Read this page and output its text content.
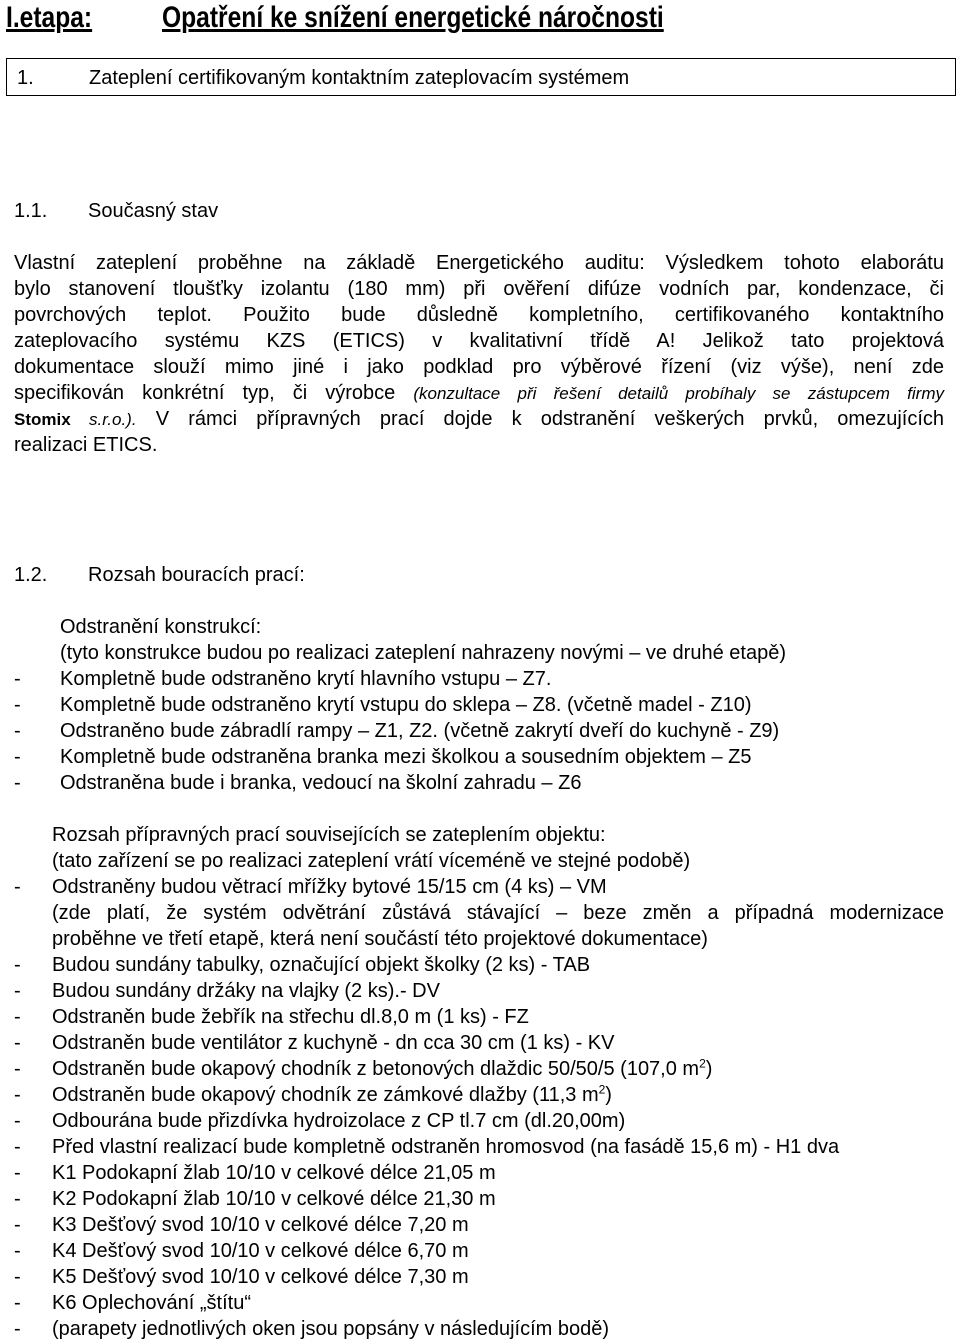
I.etapa: Opatření ke snížení energetické náročnosti
1.	Zateplení certifikovaným kontaktním zateplovacím systémem
1.1. Současný stav
Vlastní zateplení proběhne na základě Energetického auditu: Výsledkem tohoto elaborátu
bylo stanovení tloušťky izolantu (180 mm) při ověření difúze vodních par, kondenzace, či
povrchových teplot. Použito bude důsledně kompletního, certifikovaného kontaktního
zateplovacího systému KZS (ETICS) v kvalitativní třídě A! Jelikož tato projektová
dokumentace slouží mimo jiné i jako podklad pro výběrové řízení (viz výše), není zde
specifikován konkrétní typ, či výrobce (konzultace při řešení detailů probíhaly se zástupcem firmy
Stomix s.r.o.). V rámci přípravných prací dojde k odstranění veškerých prvků, omezujících
realizaci ETICS.
1.2. Rozsah bouracích prací:
Odstranění konstrukcí:
(tyto konstrukce budou po realizaci zateplení nahrazeny novými – ve druhé etapě)
- Kompletně bude odstraněno krytí hlavního vstupu – Z7.
- Kompletně bude odstraněno krytí vstupu do sklepa – Z8. (včetně madel - Z10)
- Odstraněno bude zábradlí rampy – Z1, Z2. (včetně zakrytí dveří do kuchyně - Z9)
- Kompletně bude odstraněna branka mezi školkou a sousedním objektem – Z5
- Odstraněna bude i branka, vedoucí na školní zahradu – Z6
Rozsah přípravných prací souvisejících se zateplením objektu:
(tato zařízení se po realizaci zateplení vrátí víceméně ve stejné podobě)
- Odstraněny budou větrací mřížky bytové 15/15 cm (4 ks) – VM
(zde platí, že systém odvětrání zůstává stávající – beze změn a případná modernizace
proběhne ve třetí etapě, která není součástí této projektové dokumentace)
- Budou sundány tabulky, označující objekt školky (2 ks) - TAB
- Budou sundány držáky na vlajky (2 ks).- DV
- Odstraněn bude žebřík na střechu dl.8,0 m (1 ks) - FZ
- Odstraněn bude ventilátor z kuchyně - dn cca 30 cm (1 ks) - KV
- Odstraněn bude okapový chodník z betonových dlaždic 50/50/5 (107,0 $m^2$)
- Odstraněn bude okapový chodník ze zámkové dlažby (11,3 $m^2$)
- Odbourána bude přizdívka hydroizolace z CP tl.7 cm (dl.20,00m)
- Před vlastní realizací bude kompletně odstraněn hromosvod (na fasádě 15,6 m) - H1 dva
- K1 Podokapní žlab 10/10 v celkové délce 21,05 m
- K2 Podokapní žlab 10/10 v celkové délce 21,30 m
- K3 Dešťový svod 10/10 v celkové délce 7,20 m
- K4 Dešťový svod 10/10 v celkové délce 6,70 m
- K5 Dešťový svod 10/10 v celkové délce 7,30 m
- K6 Oplechování „štítu“
- (parapety jednotlivých oken jsou popsány v následujícím bodě)
